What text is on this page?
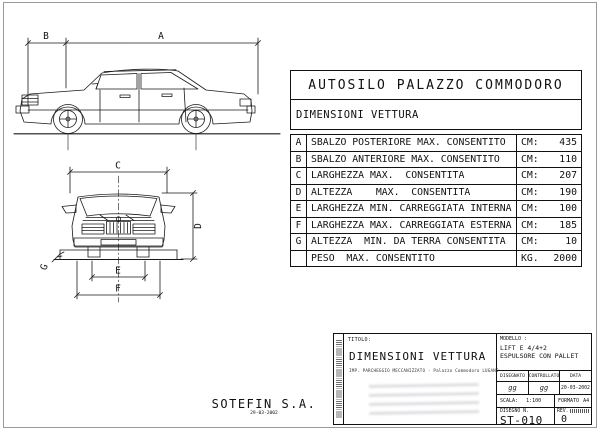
B	A
C
D
E
F
G
AUTOSILO PALAZZO COMMODORO
DIMENSIONI VETTURA
A SBALZO POSTERIORE MAX. CONSENTITO	CM: 435
B SBALZO ANTERIORE MAX. CONSENTITO	CM: 110
C LARGHEZZA MAX.  CONSENTITA	CM: 207
D ALTEZZA    MAX.  CONSENTITA	CM: 190
E LARGHEZZA MIN. CARREGGIATA INTERNA CM: 100
F LARGHEZZA MAX. CARREGGIATA ESTERNA CM: 185
G ALTEZZA  MIN. DA TERRA CONSENTITA	CM:	10
PESO  MAX. CONSENTITO	KG. 2000
TITOLO:
DIMENSIONI VETTURA
IMP. PARCHEGGIO MECCANIZZATO - Palazzo Commodoro LUGANO
MODELLO :
LIFT E 4/4+2
ESPULSORE CON PALLET
DISEGNATO CONTROLLATO	DATA
gg	gg	20-03-2002
SCALA: 1:100	FORMATO A4
DISEGNO N.
ST-010
REV.
0
SOTEFIN S.A.
29-03-2002
